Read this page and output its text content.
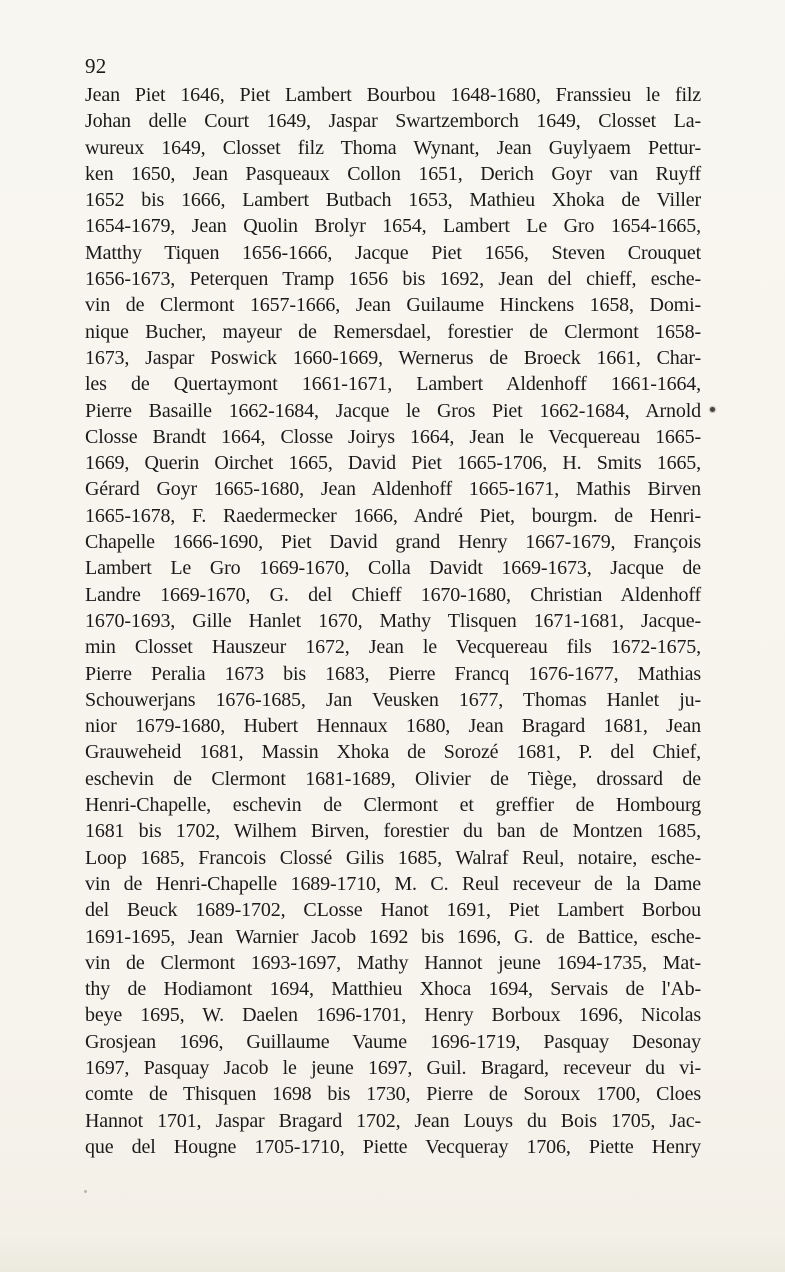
92
Jean Piet 1646, Piet Lambert Bourbou 1648-1680, Franssieu le filz
Johan delle Court 1649, Jaspar Swartzemborch 1649, Closset La-
wureux 1649, Closset filz Thoma Wynant, Jean Guylyaem Pettur-
ken 1650, Jean Pasqueaux Collon 1651, Derich Goyr van Ruyff
1652 bis 1666, Lambert Butbach 1653, Mathieu Xhoka de Viller
1654-1679, Jean Quolin Brolyr 1654, Lambert Le Gro 1654-1665,
Matthy Tiquen 1656-1666, Jacque Piet 1656, Steven Crouquet
1656-1673, Peterquen Tramp 1656 bis 1692, Jean del chieff, esche-
vin de Clermont 1657-1666, Jean Guilaume Hinckens 1658, Domi-
nique Bucher, mayeur de Remersdael, forestier de Clermont 1658-
1673, Jaspar Poswick 1660-1669, Wernerus de Broeck 1661, Char-
les de Quertaymont 1661-1671, Lambert Aldenhoff 1661-1664,
Pierre Basaille 1662-1684, Jacque le Gros Piet 1662-1684, Arnold
Closse Brandt 1664, Closse Joirys 1664, Jean le Vecquereau 1665-
1669, Querin Oirchet 1665, David Piet 1665-1706, H. Smits 1665,
Gérard Goyr 1665-1680, Jean Aldenhoff 1665-1671, Mathis Birven
1665-1678, F. Raedermecker 1666, André Piet, bourgm. de Henri-
Chapelle 1666-1690, Piet David grand Henry 1667-1679, François
Lambert Le Gro 1669-1670, Colla Davidt 1669-1673, Jacque de
Landre 1669-1670, G. del Chieff 1670-1680, Christian Aldenhoff
1670-1693, Gille Hanlet 1670, Mathy Tlisquen 1671-1681, Jacque-
min Closset Hauszeur 1672, Jean le Vecquereau fils 1672-1675,
Pierre Peralia 1673 bis 1683, Pierre Francq 1676-1677, Mathias
Schouwerjans 1676-1685, Jan Veusken 1677, Thomas Hanlet ju-
nior 1679-1680, Hubert Hennaux 1680, Jean Bragard 1681, Jean
Grauweheid 1681, Massin Xhoka de Sorozé 1681, P. del Chief,
eschevin de Clermont 1681-1689, Olivier de Tiège, drossard de
Henri-Chapelle, eschevin de Clermont et greffier de Hombourg
1681 bis 1702, Wilhem Birven, forestier du ban de Montzen 1685,
Loop 1685, Francois Clossé Gilis 1685, Walraf Reul, notaire, esche-
vin de Henri-Chapelle 1689-1710, M. C. Reul receveur de la Dame
del Beuck 1689-1702, CLosse Hanot 1691, Piet Lambert Borbou
1691-1695, Jean Warnier Jacob 1692 bis 1696, G. de Battice, esche-
vin de Clermont 1693-1697, Mathy Hannot jeune 1694-1735, Mat-
thy de Hodiamont 1694, Matthieu Xhoca 1694, Servais de l'Ab-
beye 1695, W. Daelen 1696-1701, Henry Borboux 1696, Nicolas
Grosjean 1696, Guillaume Vaume 1696-1719, Pasquay Desonay
1697, Pasquay Jacob le jeune 1697, Guil. Bragard, receveur du vi-
comte de Thisquen 1698 bis 1730, Pierre de Soroux 1700, Cloes
Hannot 1701, Jaspar Bragard 1702, Jean Louys du Bois 1705, Jac-
que del Hougne 1705-1710, Piette Vecqueray 1706, Piette Henry
